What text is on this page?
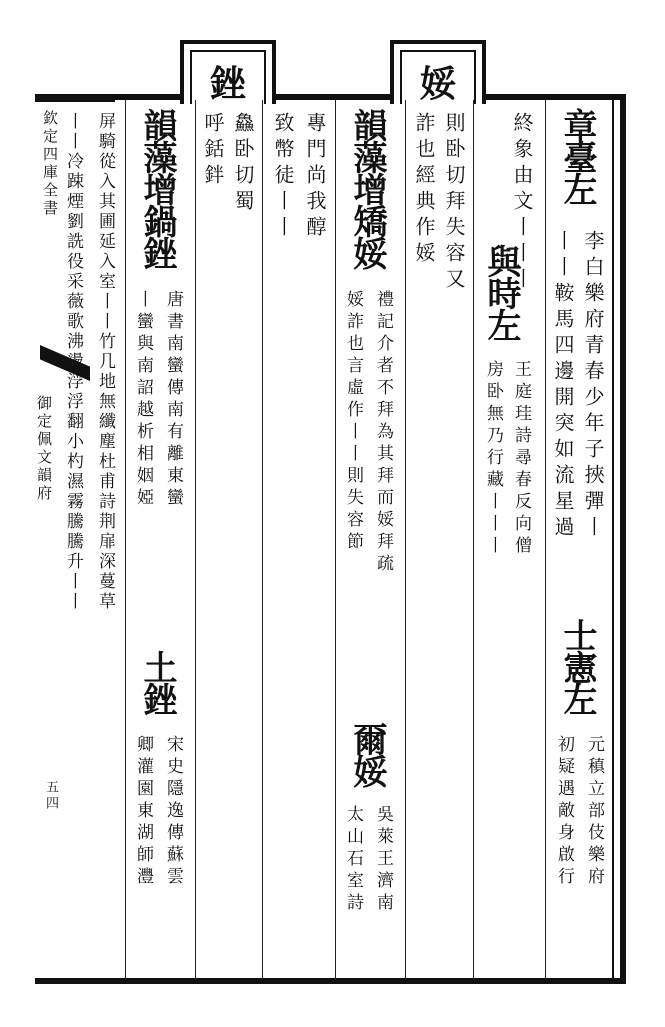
銼	娞
欽定四庫全書
御定佩文韻府
五四
章臺左
李白樂府青春少年子挾彈丨
丨丨鞍馬四邊開突如流星過
士憲左
元稹立部伎樂府
初疑遇敵身啟行
終象由文丨丨丨
與時左
王庭珪詩尋春反向僧
房卧無乃行藏丨丨丨
則卧切拜失容又
詐也經典作娞
韻藻增矯娞
禮記介者不拜為其拜而娞拜疏
娞詐也言虛作丨丨則失容節
爾娞
吳萊王濟南
太山石室詩
專門尚我醇
致幣徒丨丨
鱻卧切蜀
呼銛鉡
韻藻增鍋銼
唐書南蠻傳南有離東蠻
丨蠻與南詔越析相姻婭
土銼
宋史隱逸傳蘇雲
卿灌園東湖師灃
屏騎從入其圃延入室丨丨竹几地無纖塵杜甫詩荆扉深蔓草
丨丨冷踈煙劉詵役采薇歌沸燙浮浮翻小杓濕霧騰騰升丨丨
